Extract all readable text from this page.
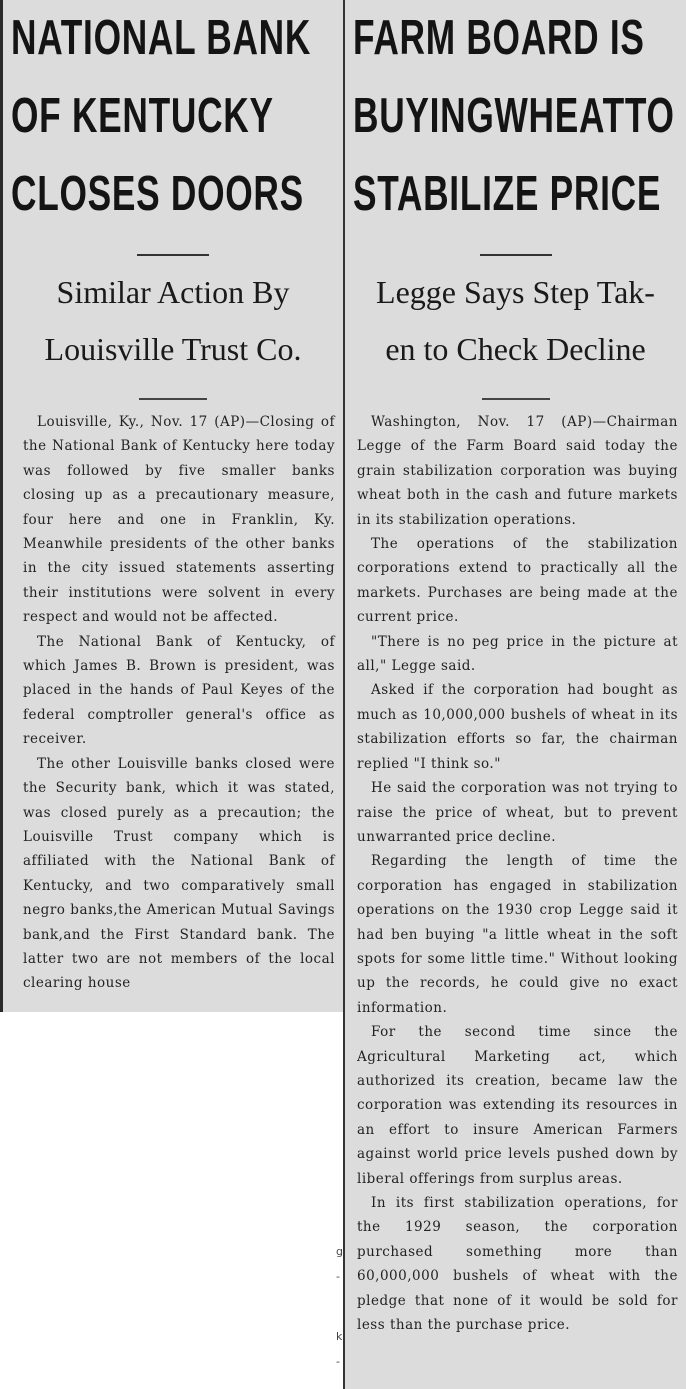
NATIONAL BANK
OF KENTUCKY
CLOSES DOORS
Similar Action By
Louisville Trust Co.

Louisville, Ky., Nov. 17 (AP)—Closing of the National Bank of Kentucky here today was followed by five smaller banks closing up as a precautionary measure, four here and one in Franklin, Ky. Meanwhile presidents of the other banks in the city issued statements asserting their institutions were solvent in every respect and would not be affected.

The National Bank of Kentucky, of which James B. Brown is president, was placed in the hands of Paul Keyes of the federal comptroller general's office as receiver.

The other Louisville banks closed were the Security bank, which it was stated, was closed purely as a precaution; the Louisville Trust company which is affiliated with the National Bank of Kentucky, and two comparatively small negro banks,the American Mutual Savings bank,and the First Standard bank. The latter two are not members of the local clearing house

g
-
k
-
FARM BOARD IS
BUYINGWHEATTO
STABILIZE PRICE
Legge Says Step Tak-
en to Check Decline

Washington, Nov. 17 (AP)—Chairman Legge of the Farm Board said today the grain stabilization corporation was buying wheat both in the cash and future markets in its stabilization operations.

The operations of the stabilization corporations extend to practically all the markets. Purchases are being made at the current price.

"There is no peg price in the picture at all," Legge said.

Asked if the corporation had bought as much as 10,000,000 bushels of wheat in its stabilization efforts so far, the chairman replied "I think so."

He said the corporation was not trying to raise the price of wheat, but to prevent unwarranted price decline.

Regarding the length of time the corporation has engaged in stabilization operations on the 1930 crop Legge said it had ben buying "a little wheat in the soft spots for some little time." Without looking up the records, he could give no exact information.

For the second time since the Agricultural Marketing act, which authorized its creation, became law the corporation was extending its resources in an effort to insure American Farmers against world price levels pushed down by liberal offerings from surplus areas.

In its first stabilization operations, for the 1929 season, the corporation purchased something more than 60,000,000 bushels of wheat with the pledge that none of it would be sold for less than the purchase price.
